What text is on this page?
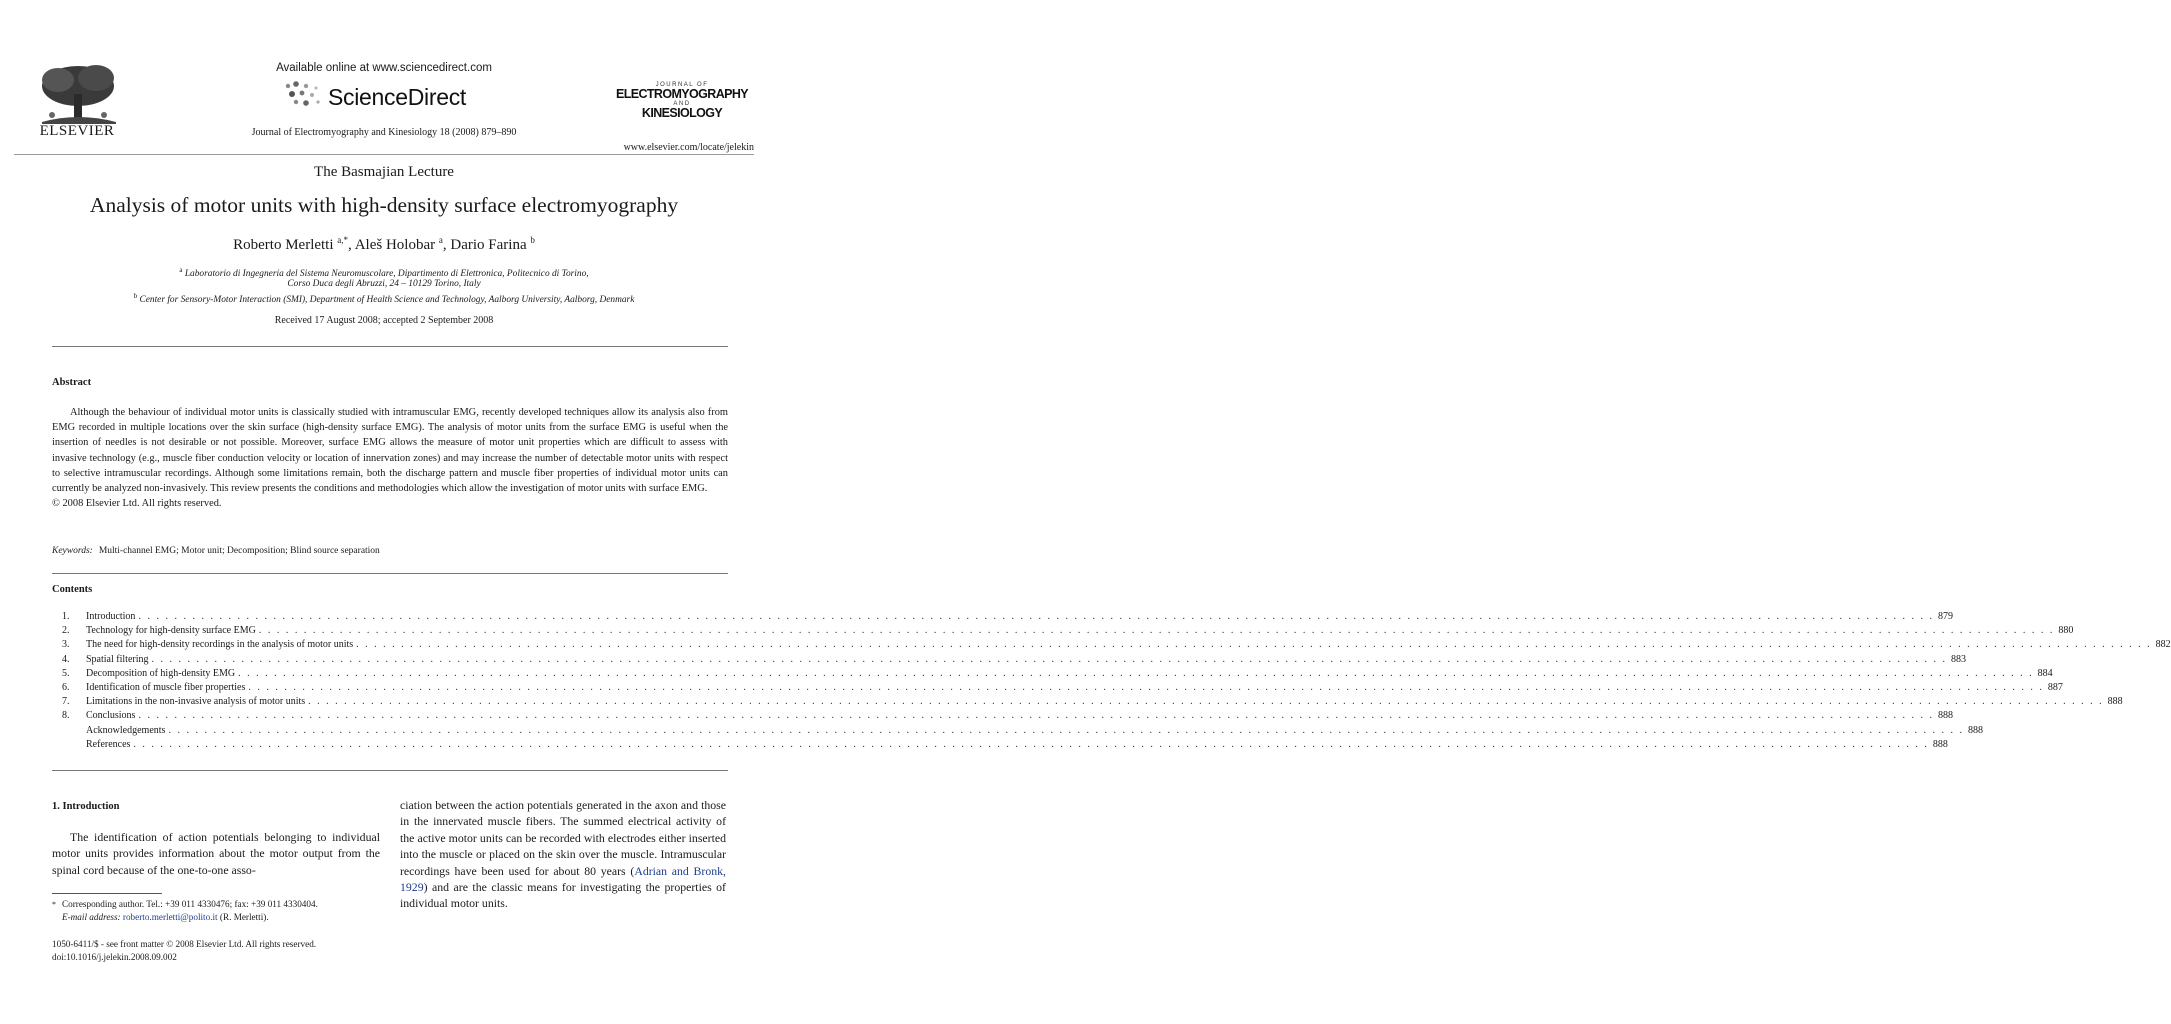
ELSEVIER
Available online at www.sciencedirect.com
ScienceDirect
Journal of Electromyography and Kinesiology 18 (2008) 879–890
JOURNAL OF
ELECTROMYOGRAPHY
AND
KINESIOLOGY
www.elsevier.com/locate/jelekin
The Basmajian Lecture
Analysis of motor units with high-density surface electromyography
Roberto Merletti $^{a,*}$, Aleš Holobar $^a$, Dario Farina $^b$
$^a$ Laboratorio di Ingegneria del Sistema Neuromuscolare, Dipartimento di Elettronica, Politecnico di Torino,
Corso Duca degli Abruzzi, 24 – 10129 Torino, Italy
$^b$ Center for Sensory-Motor Interaction (SMI), Department of Health Science and Technology, Aalborg University, Aalborg, Denmark
Received 17 August 2008; accepted 2 September 2008
Abstract
Although the behaviour of individual motor units is classically studied with intramuscular EMG, recently developed techniques allow its analysis also from EMG recorded in multiple locations over the skin surface (high-density surface EMG). The analysis of motor units from the surface EMG is useful when the insertion of needles is not desirable or not possible. Moreover, surface EMG allows the measure of motor unit properties which are difficult to assess with invasive technology (e.g., muscle fiber conduction velocity or location of innervation zones) and may increase the number of detectable motor units with respect to selective intramuscular recordings. Although some limitations remain, both the discharge pattern and muscle fiber properties of individual motor units can currently be analyzed non-invasively. This review presents the conditions and methodologies which allow the investigation of motor units with surface EMG.
© 2008 Elsevier Ltd. All rights reserved.
Keywords: Multi-channel EMG; Motor unit; Decomposition; Blind source separation
Contents
1.	Introduction . . . . . . . . . . . . . . . . . . . . . . . . . . . . . . . . . . . . . . . . . . . . . . . . . . . . . . . . . . . . . . . . . . . . . . . . . . . . . . . . . . . . . . . . . . . . . . . . . . . . . . . . . . . . . . . . . . . . . . . . . . . . . . . . . . . . . . . . . . . . . . . . . . . . . . . . . . . . . . . . . . . . . . . . . . . . . . . . . . . . . . . . . . . . . . . . . . . . . . . . 879
2.	Technology for high-density surface EMG . . . . . . . . . . . . . . . . . . . . . . . . . . . . . . . . . . . . . . . . . . . . . . . . . . . . . . . . . . . . . . . . . . . . . . . . . . . . . . . . . . . . . . . . . . . . . . . . . . . . . . . . . . . . . . . . . . . . . . . . . . . . . . . . . . . . . . . . . . . . . . . . . . . . . . . . . . . . . . . . . . . . . . . . . . . . . . . . . . . . . . . . . . . . . . . . . . . . . . . . 880
3.	The need for high-density recordings in the analysis of motor units . . . . . . . . . . . . . . . . . . . . . . . . . . . . . . . . . . . . . . . . . . . . . . . . . . . . . . . . . . . . . . . . . . . . . . . . . . . . . . . . . . . . . . . . . . . . . . . . . . . . . . . . . . . . . . . . . . . . . . . . . . . . . . . . . . . . . . . . . . . . . . . . . . . . . . . . . . . . . . . . . . . . . . . . . . . . . . . . . . . . . . . . . . . . . . . . . . . . . . . . 882
4.	Spatial filtering . . . . . . . . . . . . . . . . . . . . . . . . . . . . . . . . . . . . . . . . . . . . . . . . . . . . . . . . . . . . . . . . . . . . . . . . . . . . . . . . . . . . . . . . . . . . . . . . . . . . . . . . . . . . . . . . . . . . . . . . . . . . . . . . . . . . . . . . . . . . . . . . . . . . . . . . . . . . . . . . . . . . . . . . . . . . . . . . . . . . . . . . . . . . . . . . . . . . . . . . 883
5.	Decomposition of high-density EMG . . . . . . . . . . . . . . . . . . . . . . . . . . . . . . . . . . . . . . . . . . . . . . . . . . . . . . . . . . . . . . . . . . . . . . . . . . . . . . . . . . . . . . . . . . . . . . . . . . . . . . . . . . . . . . . . . . . . . . . . . . . . . . . . . . . . . . . . . . . . . . . . . . . . . . . . . . . . . . . . . . . . . . . . . . . . . . . . . . . . . . . . . . . . . . . . . . . . . . . . 884
6.	Identification of muscle fiber properties . . . . . . . . . . . . . . . . . . . . . . . . . . . . . . . . . . . . . . . . . . . . . . . . . . . . . . . . . . . . . . . . . . . . . . . . . . . . . . . . . . . . . . . . . . . . . . . . . . . . . . . . . . . . . . . . . . . . . . . . . . . . . . . . . . . . . . . . . . . . . . . . . . . . . . . . . . . . . . . . . . . . . . . . . . . . . . . . . . . . . . . . . . . . . . . . . . . . . . . . 887
7.	Limitations in the non-invasive analysis of motor units . . . . . . . . . . . . . . . . . . . . . . . . . . . . . . . . . . . . . . . . . . . . . . . . . . . . . . . . . . . . . . . . . . . . . . . . . . . . . . . . . . . . . . . . . . . . . . . . . . . . . . . . . . . . . . . . . . . . . . . . . . . . . . . . . . . . . . . . . . . . . . . . . . . . . . . . . . . . . . . . . . . . . . . . . . . . . . . . . . . . . . . . . . . . . . . . . . . . . . . . 888
8.	Conclusions . . . . . . . . . . . . . . . . . . . . . . . . . . . . . . . . . . . . . . . . . . . . . . . . . . . . . . . . . . . . . . . . . . . . . . . . . . . . . . . . . . . . . . . . . . . . . . . . . . . . . . . . . . . . . . . . . . . . . . . . . . . . . . . . . . . . . . . . . . . . . . . . . . . . . . . . . . . . . . . . . . . . . . . . . . . . . . . . . . . . . . . . . . . . . . . . . . . . . . . . 888
Acknowledgements . . . . . . . . . . . . . . . . . . . . . . . . . . . . . . . . . . . . . . . . . . . . . . . . . . . . . . . . . . . . . . . . . . . . . . . . . . . . . . . . . . . . . . . . . . . . . . . . . . . . . . . . . . . . . . . . . . . . . . . . . . . . . . . . . . . . . . . . . . . . . . . . . . . . . . . . . . . . . . . . . . . . . . . . . . . . . . . . . . . . . . . . . . . . . . . . . . . . . . . . 888
References . . . . . . . . . . . . . . . . . . . . . . . . . . . . . . . . . . . . . . . . . . . . . . . . . . . . . . . . . . . . . . . . . . . . . . . . . . . . . . . . . . . . . . . . . . . . . . . . . . . . . . . . . . . . . . . . . . . . . . . . . . . . . . . . . . . . . . . . . . . . . . . . . . . . . . . . . . . . . . . . . . . . . . . . . . . . . . . . . . . . . . . . . . . . . . . . . . . . . . . . 888
1. Introduction
The identification of action potentials belonging to individual motor units provides information about the motor output from the spinal cord because of the one-to-one asso-
* Corresponding author. Tel.: +39 011 4330476; fax: +39 011 4330404.
E-mail address: roberto.merletti@polito.it (R. Merletti).
1050-6411/$ - see front matter © 2008 Elsevier Ltd. All rights reserved.
doi:10.1016/j.jelekin.2008.09.002
ciation between the action potentials generated in the axon and those in the innervated muscle fibers. The summed electrical activity of the active motor units can be recorded with electrodes either inserted into the muscle or placed on the skin over the muscle. Intramuscular recordings have been used for about 80 years (Adrian and Bronk, 1929) and are the classic means for investigating the properties of individual motor units.
